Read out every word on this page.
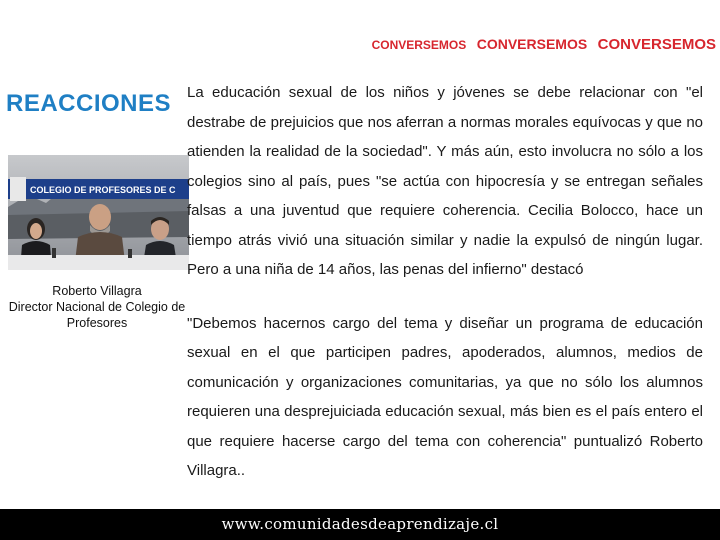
CONVERSEMOS CONVERSEMOS CONVERSEMOS
REACCIONES
COLEGIO DE PROFESORES DE C
Roberto Villagra
Director Nacional de Colegio de Profesores

La educación sexual de los niños y jóvenes se debe relacionar con "el destrabe de prejuicios que nos aferran a normas morales equívocas y que no atienden la realidad de la sociedad". Y más aún, esto involucra no sólo a los colegios sino al país, pues "se actúa con hipocresía y se entregan señales falsas a una juventud que requiere coherencia. Cecilia Bolocco, hace un tiempo atrás vivió una situación similar y nadie la expulsó de ningún lugar. Pero a una niña de 14 años, las penas del infierno" destacó

"Debemos hacernos cargo del tema y diseñar un programa de educación sexual en el que participen padres, apoderados, alumnos, medios de comunicación y organizaciones comunitarias, ya que no sólo los alumnos requieren una desprejuiciada educación sexual, más bien es el país entero el que requiere hacerse cargo del tema con coherencia" puntualizó Roberto Villagra..

www.comunidadesdeaprendizaje.cl
